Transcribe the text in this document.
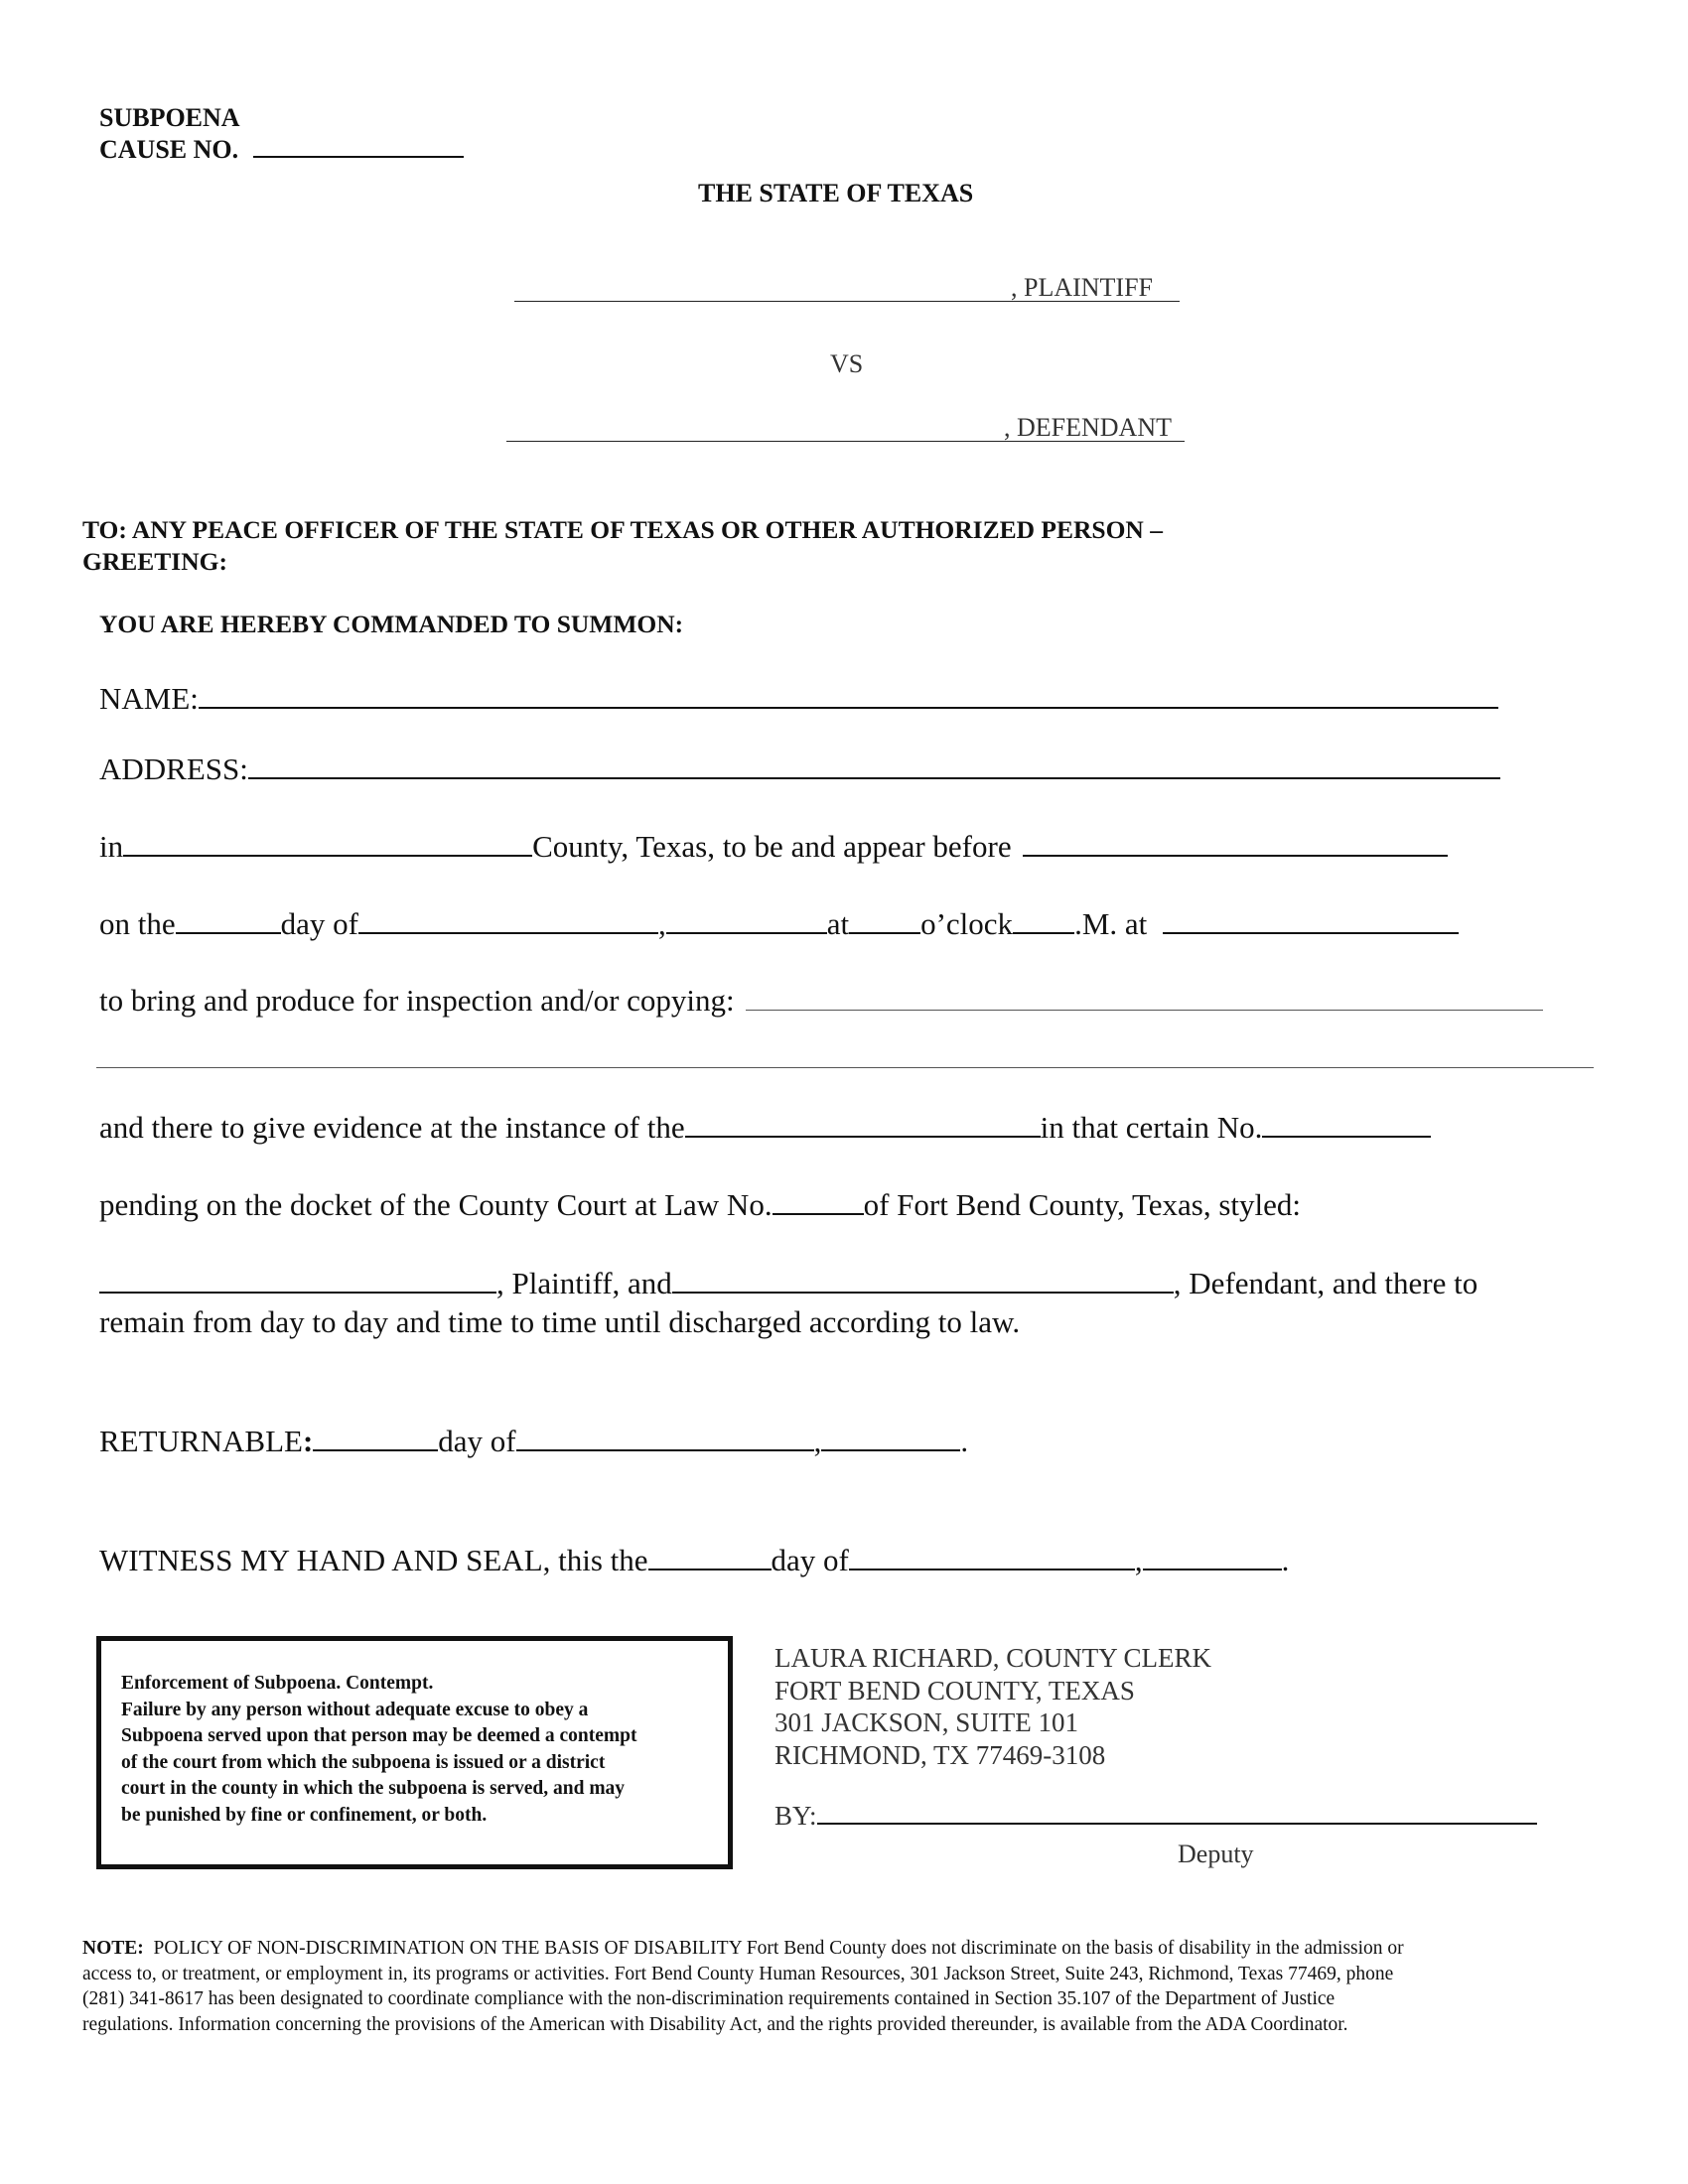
SUBPOENA
CAUSE NO.
THE STATE OF TEXAS
, PLAINTIFF
VS
, DEFENDANT
TO: ANY PEACE OFFICER OF THE STATE OF TEXAS OR OTHER AUTHORIZED PERSON –
GREETING:
YOU ARE HEREBY COMMANDED TO SUMMON:
NAME:
ADDRESS:
in	County, Texas, to be and appear before
on the	day of	,	at o’clock .M. at
to bring and produce for inspection and/or copying:
and there to give evidence at the instance of the	in that certain No.
pending on the docket of the County Court at Law No.	of Fort Bend County, Texas, styled:
, Plaintiff, and	, Defendant, and there to
remain from day to day and time to time until discharged according to law.
RETURNABLE:	day of	,	.
WITNESS MY HAND AND SEAL, this the	day of	,	.
Enforcement of Subpoena. Contempt.
Failure by any person without adequate excuse to obey a
Subpoena served upon that person may be deemed a contempt
of the court from which the subpoena is issued or a district
court in the county in which the subpoena is served, and may
be punished by fine or confinement, or both.
LAURA RICHARD, COUNTY CLERK
FORT BEND COUNTY, TEXAS
301 JACKSON, SUITE 101
RICHMOND, TX 77469-3108
BY:
Deputy
NOTE: POLICY OF NON-DISCRIMINATION ON THE BASIS OF DISABILITY Fort Bend County does not discriminate on the basis of disability in the admission or
access to, or treatment, or employment in, its programs or activities. Fort Bend County Human Resources, 301 Jackson Street, Suite 243, Richmond, Texas 77469, phone
(281) 341-8617 has been designated to coordinate compliance with the non-discrimination requirements contained in Section 35.107 of the Department of Justice
regulations. Information concerning the provisions of the American with Disability Act, and the rights provided thereunder, is available from the ADA Coordinator.
